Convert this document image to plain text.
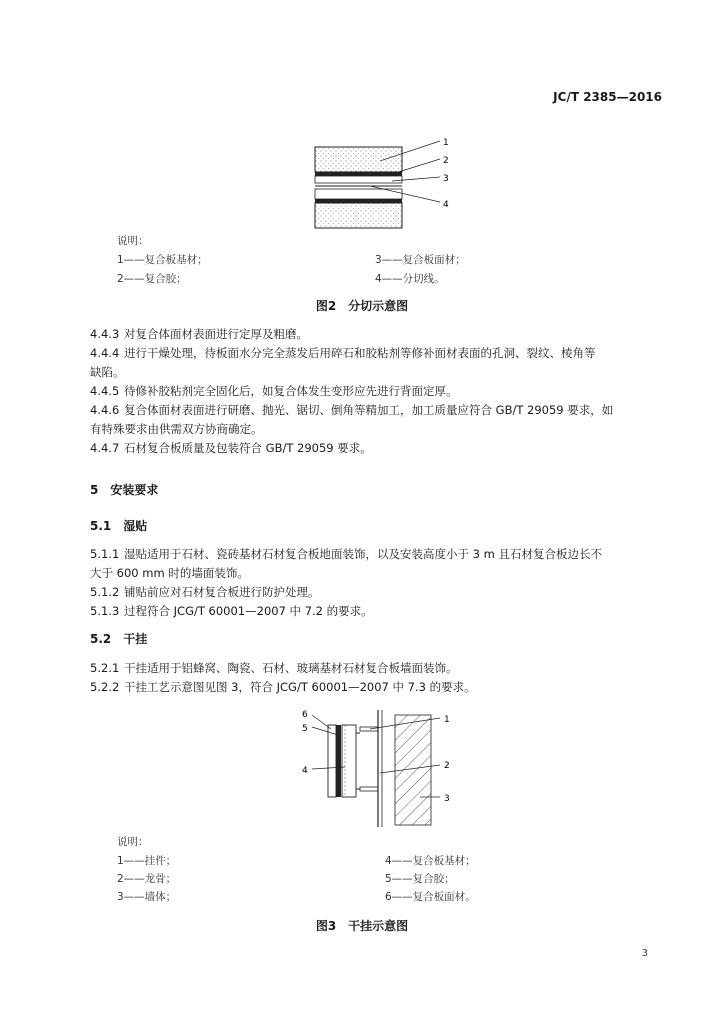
JC/T 2385—2016
1
2
3
4
说明：
1——复合板基材；	3——复合板面材；
2——复合胶；	4——分切线。
图2　分切示意图
4.4.3 对复合体面材表面进行定厚及粗磨。
4.4.4 进行干燥处理，待板面水分完全蒸发后用碎石和胶粘剂等修补面材表面的孔洞、裂纹、棱角等
缺陷。
4.4.5 待修补胶粘剂完全固化后，如复合体发生变形应先进行背面定厚。
4.4.6 复合体面材表面进行研磨、抛光、锯切、倒角等精加工，加工质量应符合 GB/T 29059 要求，如
有特殊要求由供需双方协商确定。
4.4.7 石材复合板质量及包装符合 GB/T 29059 要求。
5　 安装要求
5.1　 湿贴
5.1.1 湿贴适用于石材、瓷砖基材石材复合板地面装饰，以及安装高度小于 3 m 且石材复合板边长不
大于 600 mm 时的墙面装饰。
5.1.2 铺贴前应对石材复合板进行防护处理。
5.1.3 过程符合 JCG/T 60001—2007 中 7.2 的要求。
5.2　 干挂
5.2.1 干挂适用于铝蜂窝、陶瓷、石材、玻璃基材石材复合板墙面装饰。
5.2.2 干挂工艺示意图见图 3，符合 JCG/T 60001—2007 中 7.3 的要求。
6
5
4
1
2
3
说明：
1——挂件；	4——复合板基材；
2——龙骨；	5——复合胶；
3——墙体；	6——复合板面材。
图3　干挂示意图
3
